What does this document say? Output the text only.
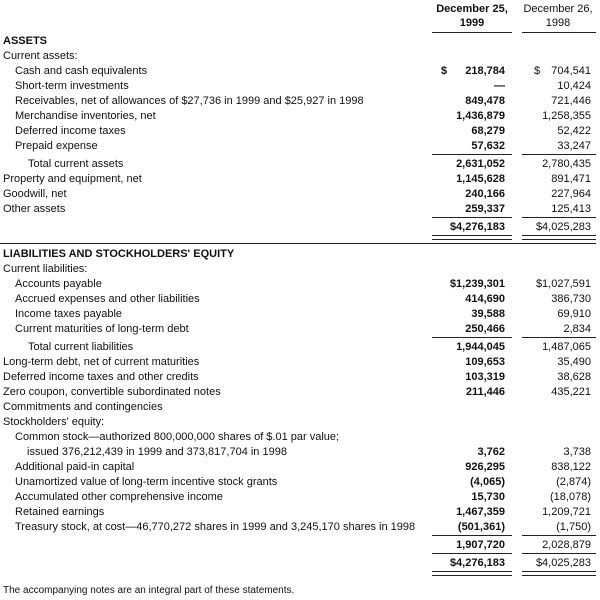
December 25,
1999
December 26,
1998
ASSETS
Current assets:
Cash and cash equivalents	$	218,784	$	704,541
Short-term investments	—	10,424
Receivables, net of allowances of $27,736 in 1999 and $25,927 in 1998	849,478	721,446
Merchandise inventories, net	1,436,879	1,258,355
Deferred income taxes	68,279	52,422
Prepaid expense	57,632	33,247
Total current assets	2,631,052	2,780,435
Property and equipment, net	1,145,628	891,471
Goodwill, net	240,166	227,964
Other assets	259,337	125,413
$4,276,183	$4,025,283
LIABILITIES AND STOCKHOLDERS' EQUITY
Current liabilities:
Accounts payable	$1,239,301	$1,027,591
Accrued expenses and other liabilities	414,690	386,730
Income taxes payable	39,588	69,910
Current maturities of long-term debt	250,466	2,834
Total current liabilities	1,944,045	1,487,065
Long-term debt, net of current maturities	109,653	35,490
Deferred income taxes and other credits	103,319	38,628
Zero coupon, convertible subordinated notes	211,446	435,221
Commitments and contingencies
Stockholders' equity:
Common stock—authorized 800,000,000 shares of $.01 par value;
issued 376,212,439 in 1999 and 373,817,704 in 1998	3,762	3,738
Additional paid-in capital	926,295	838,122
Unamortized value of long-term incentive stock grants	(4,065)	(2,874)
Accumulated other comprehensive income	15,730	(18,078)
Retained earnings	1,467,359	1,209,721
Treasury stock, at cost—46,770,272 shares in 1999 and 3,245,170 shares in 1998	(501,361)	(1,750)
1,907,720	2,028,879
$4,276,183	$4,025,283
The accompanying notes are an integral part of these statements.
